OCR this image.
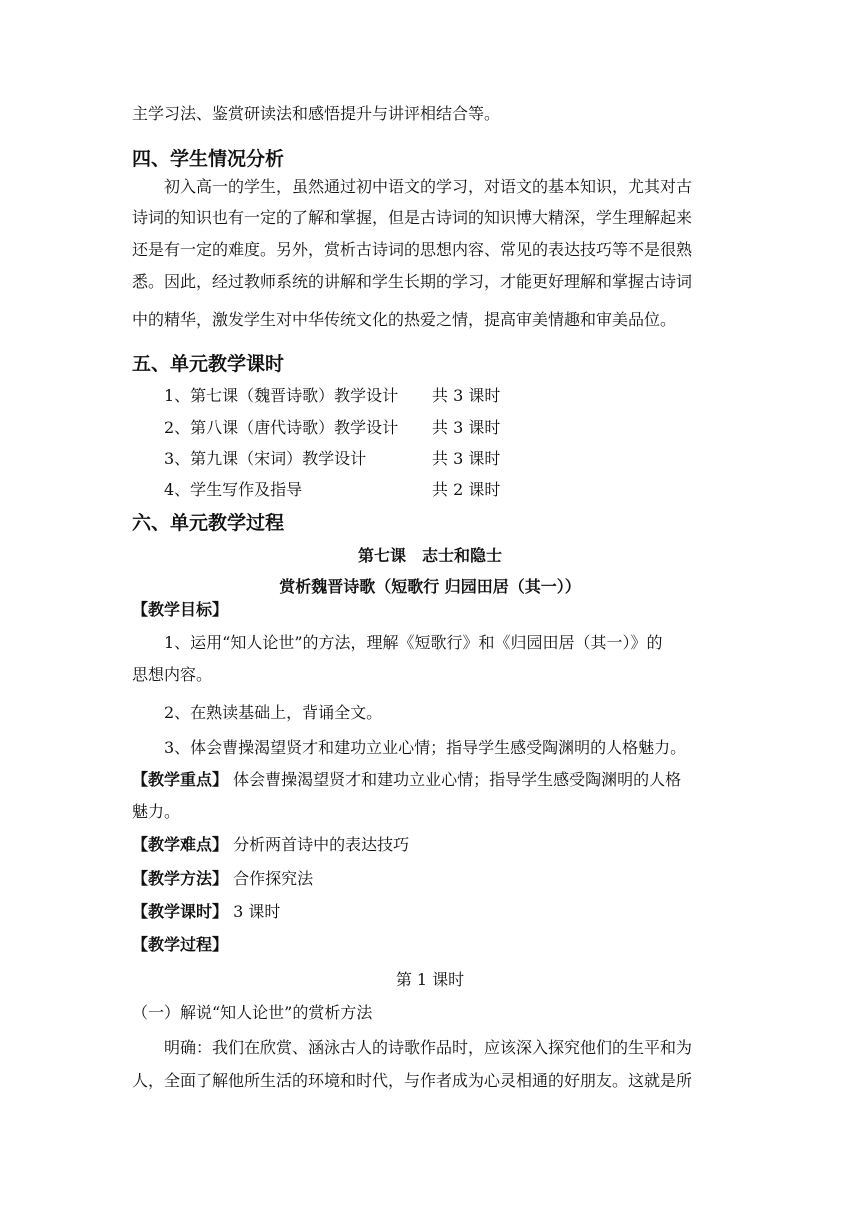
主学习法、鉴赏研读法和感悟提升与讲评相结合等。
四、学生情况分析
初入高一的学生，虽然通过初中语文的学习，对语文的基本知识，尤其对古
诗词的知识也有一定的了解和掌握，但是古诗词的知识博大精深，学生理解起来
还是有一定的难度。另外，赏析古诗词的思想内容、常见的表达技巧等不是很熟
悉。因此，经过教师系统的讲解和学生长期的学习，才能更好理解和掌握古诗词
中的精华，激发学生对中华传统文化的热爱之情，提高审美情趣和审美品位。
五、单元教学课时
1、第七课（魏晋诗歌）教学设计 共 3 课时
2、第八课（唐代诗歌）教学设计 共 3 课时
3、第九课（宋词）教学设计	共 3 课时
4、学生写作及指导	共 2 课时
六、单元教学过程
第七课　志士和隐士
赏析魏晋诗歌（短歌行 归园田居（其一））
【教学目标】
1、运用“知人论世”的方法，理解《短歌行》和《归园田居（其一）》的
思想内容。
2、在熟读基础上，背诵全文。
3、体会曹操渴望贤才和建功立业心情；指导学生感受陶渊明的人格魅力。
【教学重点】 体会曹操渴望贤才和建功立业心情；指导学生感受陶渊明的人格
魅力。
【教学难点】 分析两首诗中的表达技巧
【教学方法】 合作探究法
【教学课时】 3 课时
【教学过程】
第 1 课时
（一）解说“知人论世”的赏析方法
明确：我们在欣赏、涵泳古人的诗歌作品时，应该深入探究他们的生平和为
人，全面了解他所生活的环境和时代，与作者成为心灵相通的好朋友。这就是所
